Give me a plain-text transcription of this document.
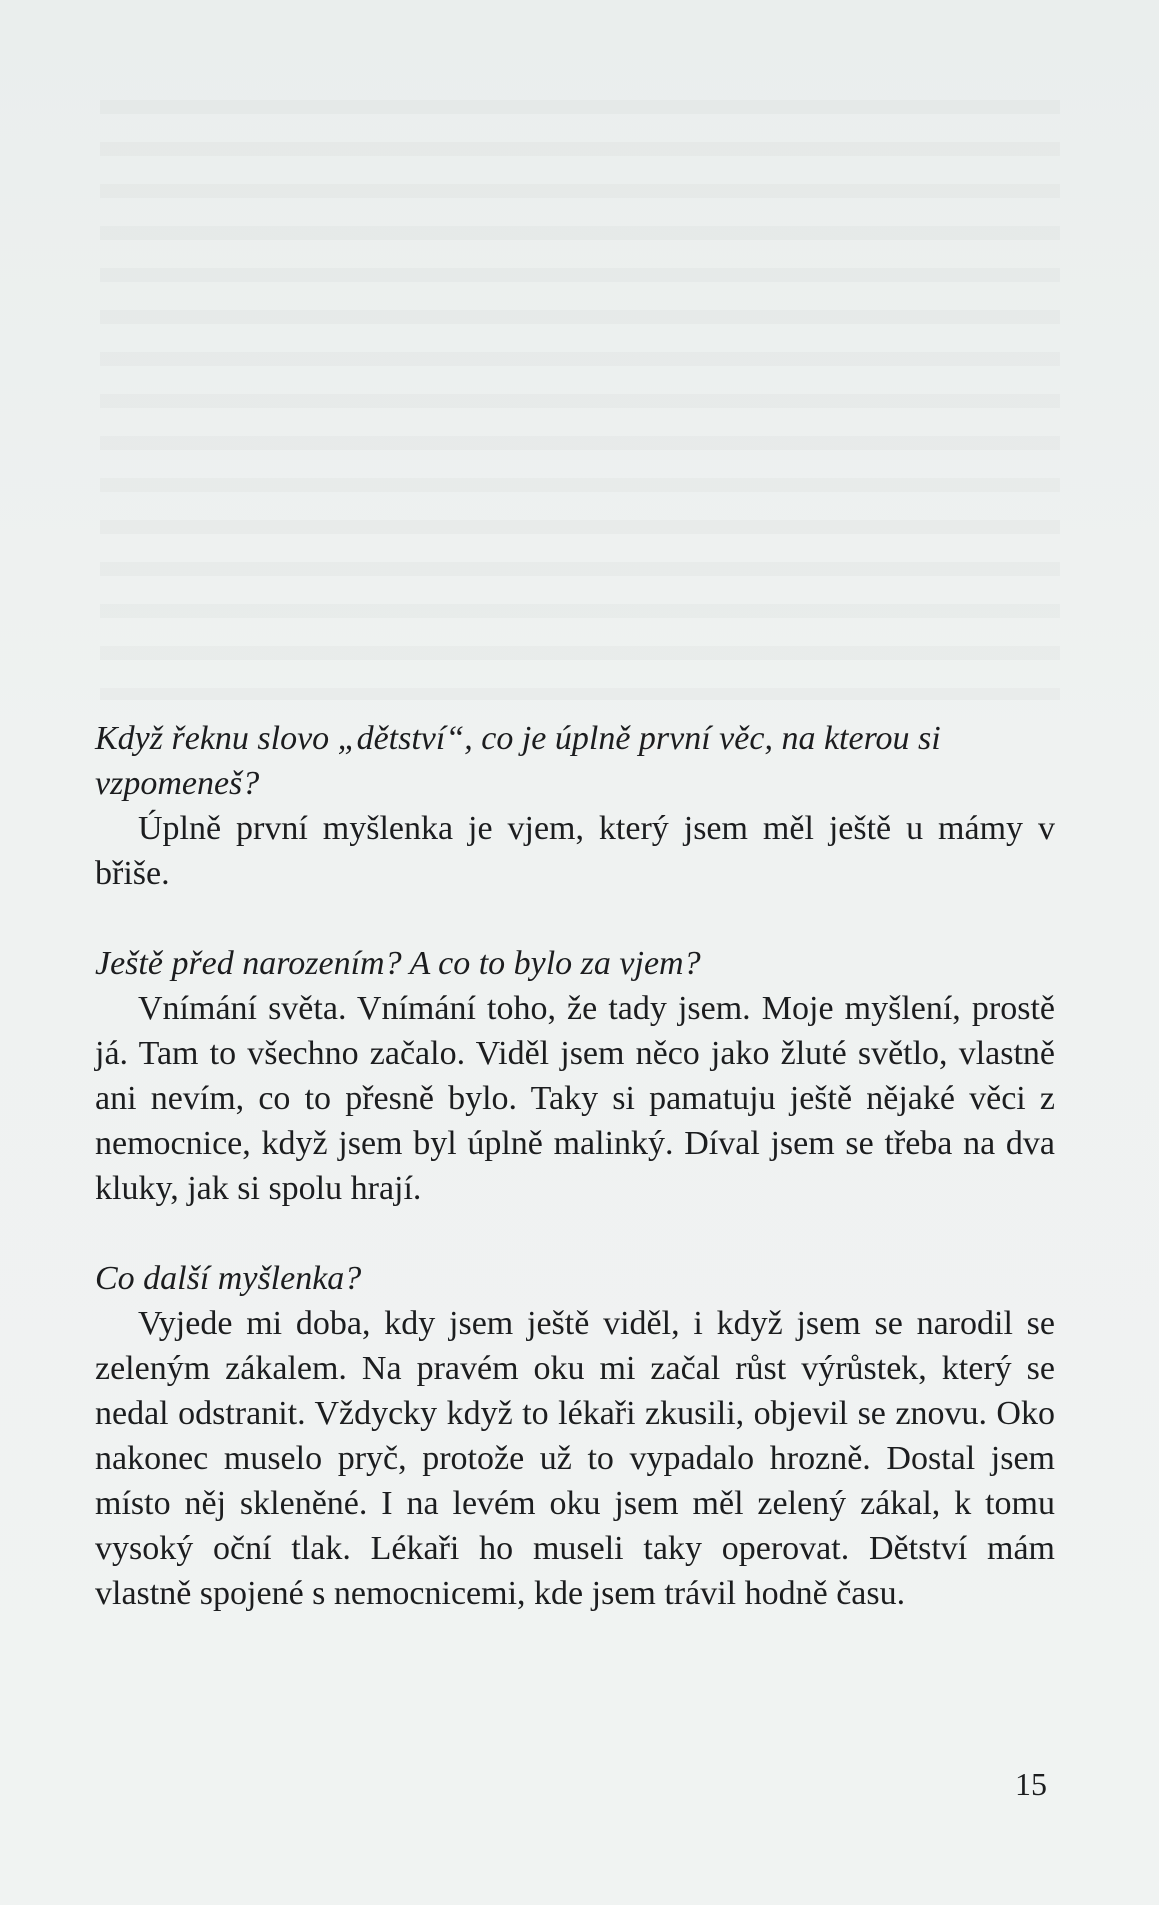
Když řeknu slovo „dětství“, co je úplně první věc, na kterou si vzpomeneš?

Úplně první myšlenka je vjem, který jsem měl ještě u mámy v břiše.

Ještě před narozením? A co to bylo za vjem?

Vnímání světa. Vnímání toho, že tady jsem. Moje myšlení, prostě já. Tam to všechno začalo. Viděl jsem něco jako žluté světlo, vlastně ani nevím, co to přesně bylo. Taky si pamatuju ještě nějaké věci z nemocnice, když jsem byl úplně malinký. Díval jsem se třeba na dva kluky, jak si spolu hrají.

Co další myšlenka?

Vyjede mi doba, kdy jsem ještě viděl, i když jsem se narodil se zeleným zákalem. Na pravém oku mi začal růst výrůstek, který se nedal odstranit. Vždycky když to lékaři zkusili, objevil se znovu. Oko nakonec muselo pryč, protože už to vypadalo hrozně. Dostal jsem místo něj skleněné. I na levém oku jsem měl zelený zákal, k tomu vysoký oční tlak. Lékaři ho museli taky operovat. Dětství mám vlastně spojené s nemocnicemi, kde jsem trávil hodně času.

15
